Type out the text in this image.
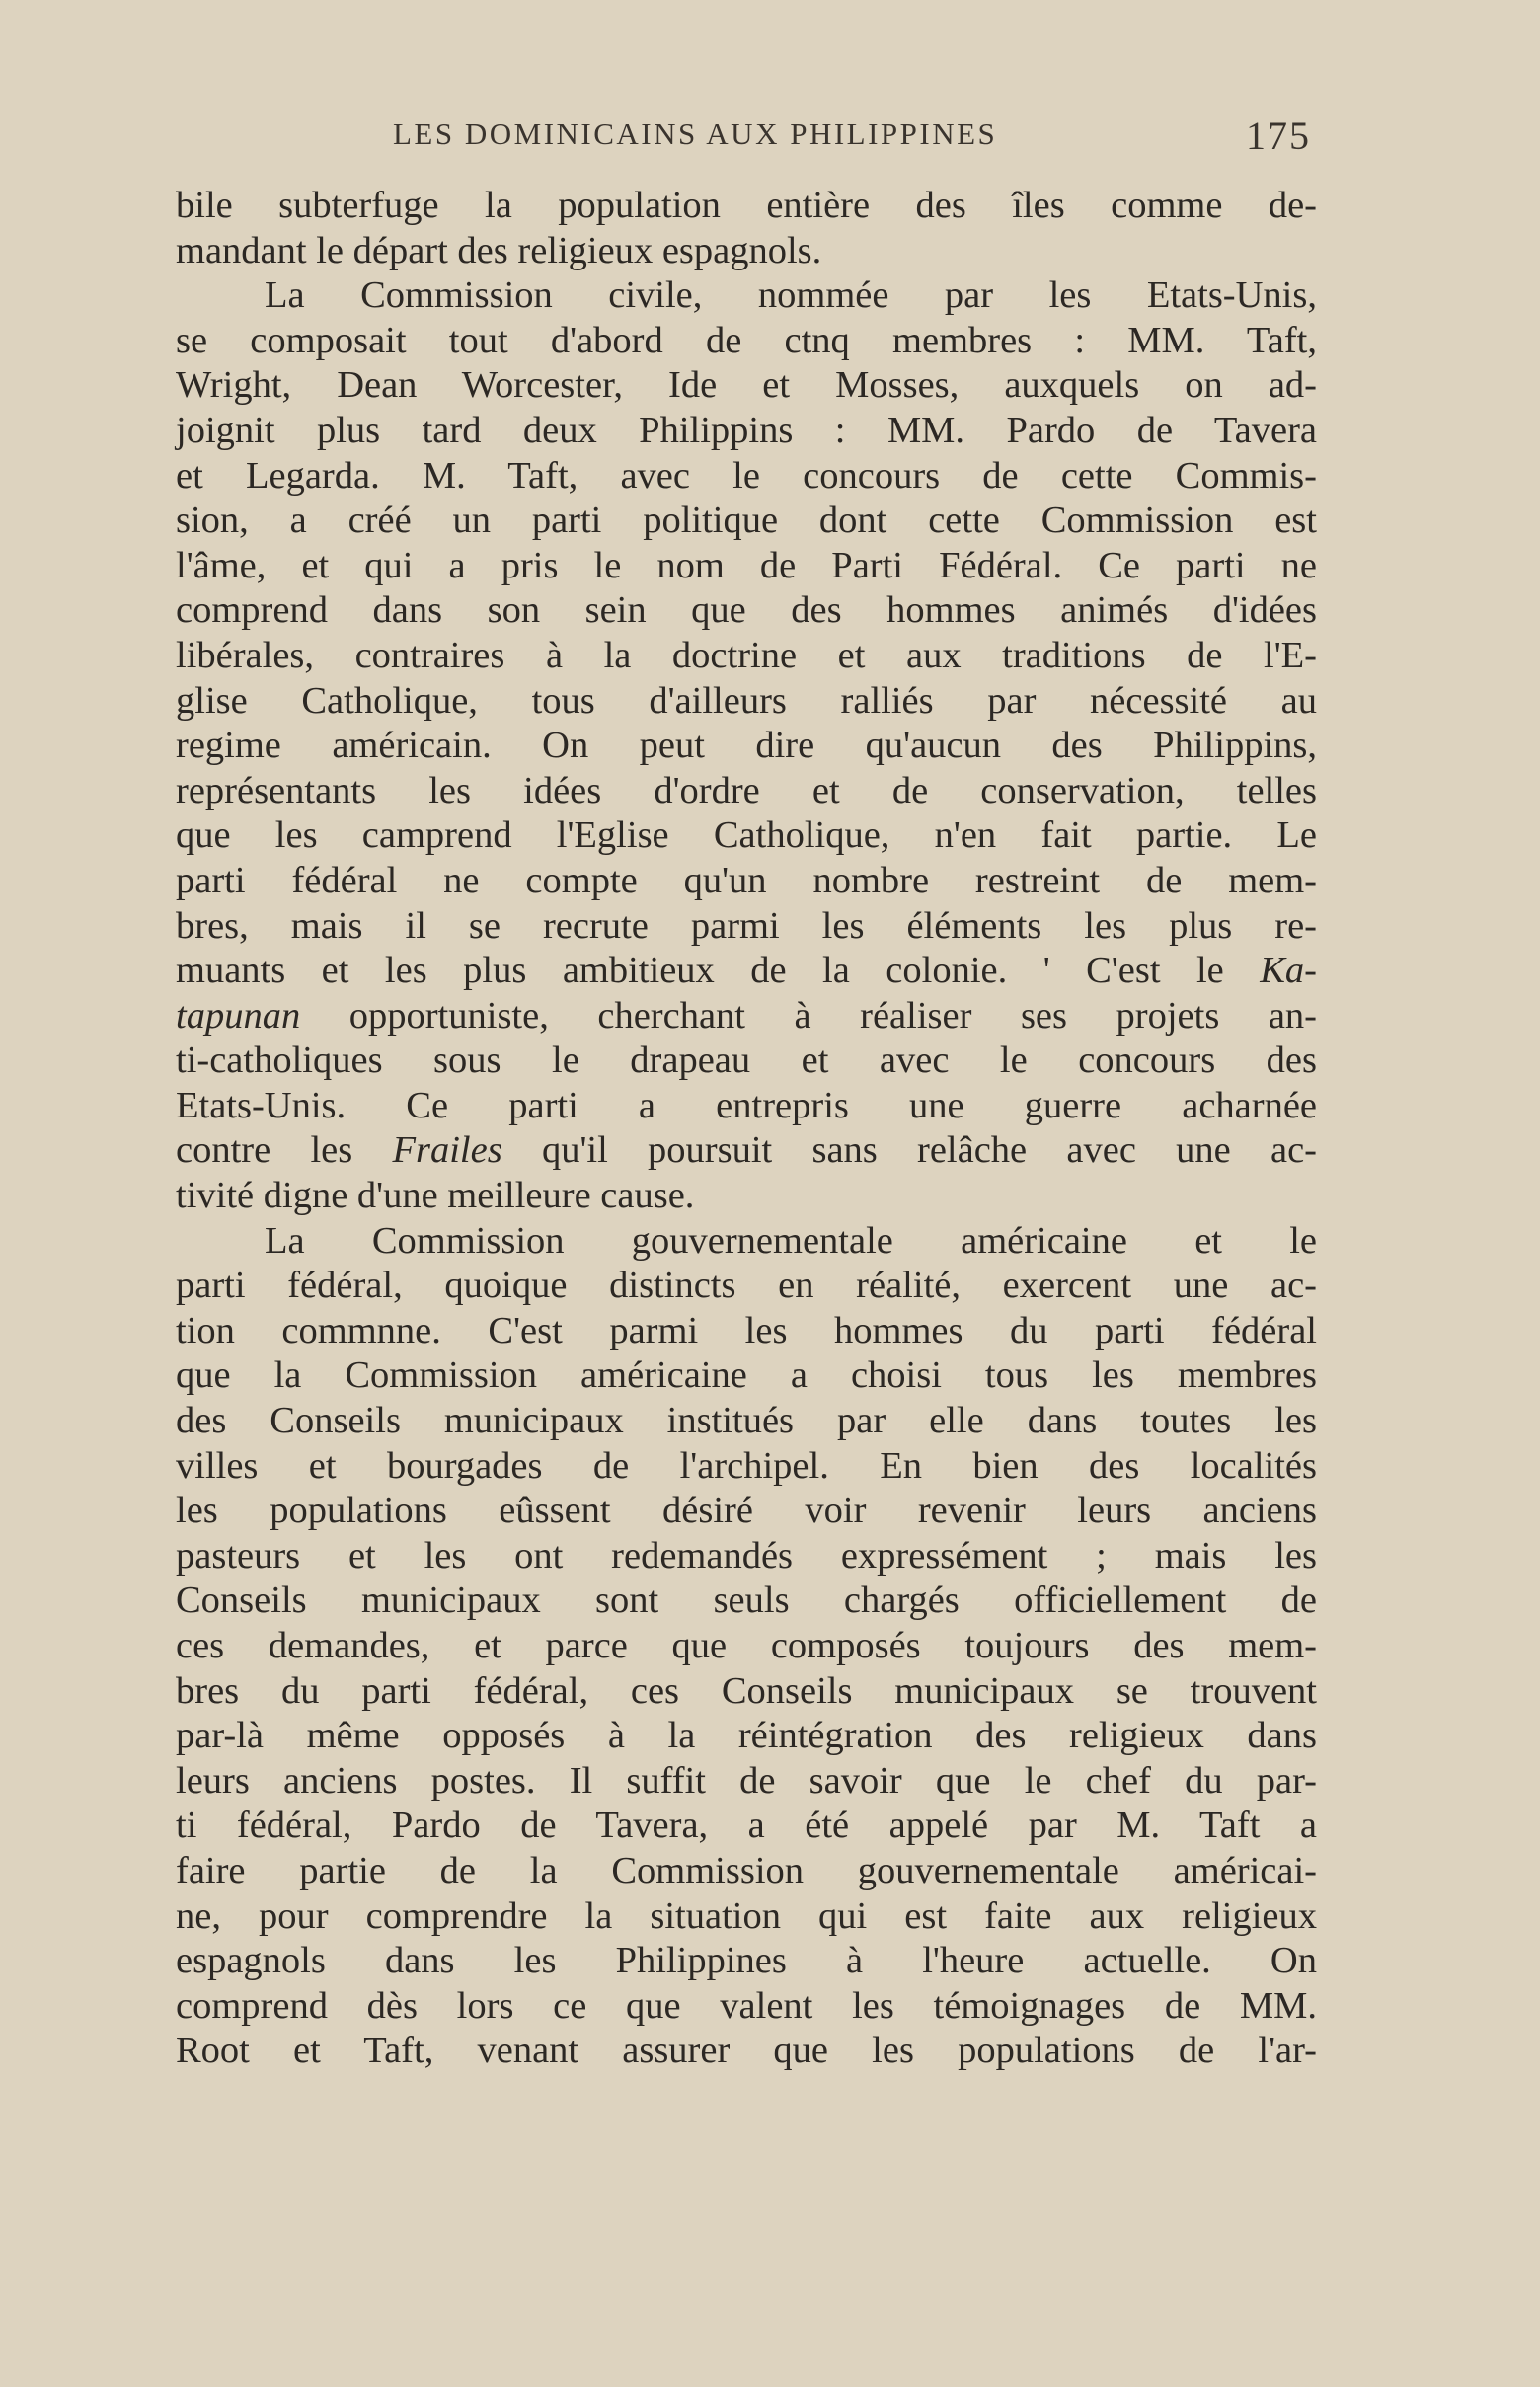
LES DOMINICAINS AUX PHILIPPINES	175
bile subterfuge la population entière des îles comme de-
mandant le départ des religieux espagnols.
La Commission civile, nommée par les Etats-Unis,
se composait tout d'abord de ctnq membres : MM. Taft,
Wright, Dean Worcester, Ide et Mosses, auxquels on ad-
joignit plus tard deux Philippins : MM. Pardo de Tavera
et Legarda. M. Taft, avec le concours de cette Commis-
sion, a créé un parti politique dont cette Commission est
l'âme, et qui a pris le nom de Parti Fédéral. Ce parti ne
comprend dans son sein que des hommes animés d'idées
libérales, contraires à la doctrine et aux traditions de l'E-
glise Catholique, tous d'ailleurs ralliés par nécessité au
regime américain. On peut dire qu'aucun des Philippins,
représentants les idées d'ordre et de conservation, telles
que les camprend l'Eglise Catholique, n'en fait partie. Le
parti fédéral ne compte qu'un nombre restreint de mem-
bres, mais il se recrute parmi les éléments les plus re-
muants et les plus ambitieux de la colonie. ' C'est le Ka-
tapunan opportuniste, cherchant à réaliser ses projets an-
ti-catholiques sous le drapeau et avec le concours des
Etats-Unis. Ce parti a entrepris une guerre acharnée
contre les Frailes qu'il poursuit sans relâche avec une ac-
tivité digne d'une meilleure cause.
La Commission gouvernementale américaine et le
parti fédéral, quoique distincts en réalité, exercent une ac-
tion commnne. C'est parmi les hommes du parti fédéral
que la Commission américaine a choisi tous les membres
des Conseils municipaux institués par elle dans toutes les
villes et bourgades de l'archipel. En bien des localités
les populations eûssent désiré voir revenir leurs anciens
pasteurs et les ont redemandés expressément ; mais les
Conseils municipaux sont seuls chargés officiellement de
ces demandes, et parce que composés toujours des mem-
bres du parti fédéral, ces Conseils municipaux se trouvent
par-là même opposés à la réintégration des religieux dans
leurs anciens postes. Il suffit de savoir que le chef du par-
ti fédéral, Pardo de Tavera, a été appelé par M. Taft a
faire partie de la Commission gouvernementale américai-
ne, pour comprendre la situation qui est faite aux religieux
espagnols dans les Philippines à l'heure actuelle. On
comprend dès lors ce que valent les témoignages de MM.
Root et Taft, venant assurer que les populations de l'ar-
